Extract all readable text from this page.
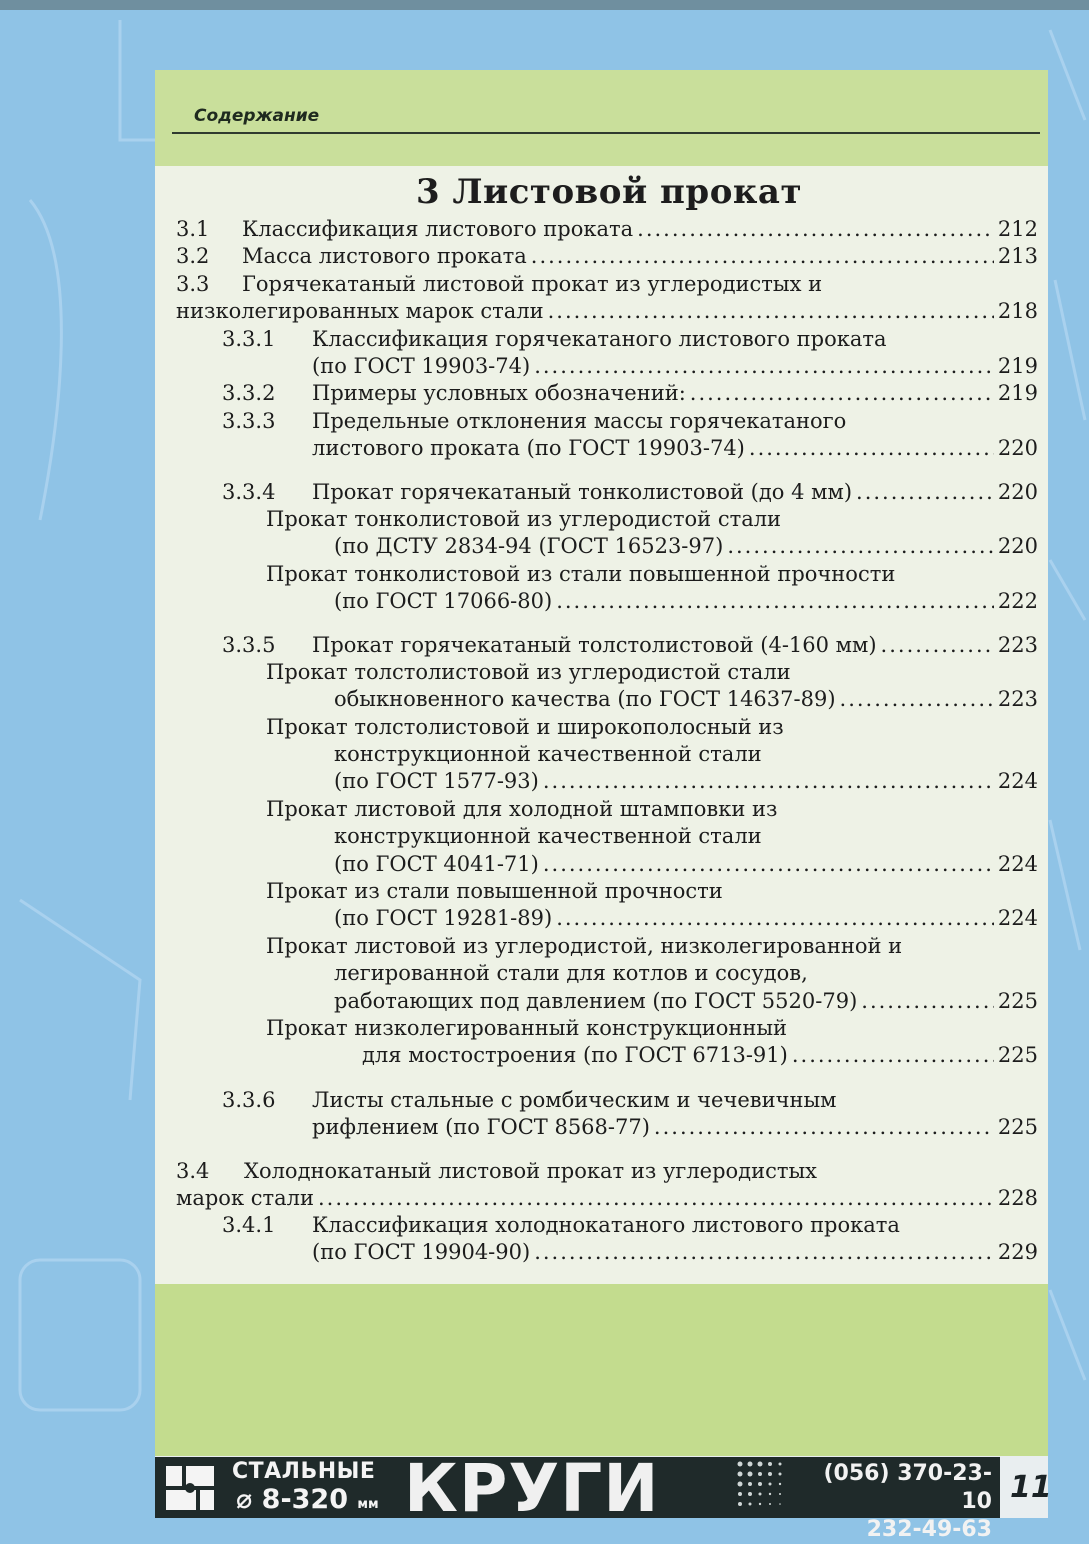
Содержание
3 Листовой прокат
3.1 Классификация листового проката .....	212
3.2 Масса листового проката .....	213
3.3 Горячекатаный листовой прокат из углеродистых и
низколегированных марок стали .....	218
3.3.1 Классификация горячекатаного листового проката
(по ГОСТ 19903-74) .....	219
3.3.2 Примеры условных обозначений: .....	219
3.3.3 Предельные отклонения массы горячекатаного
листового проката (по ГОСТ 19903-74) .....	220
3.3.4 Прокат горячекатаный тонколистовой (до 4 мм) .....	220
Прокат тонколистовой из углеродистой стали
(по ДСТУ 2834-94 (ГОСТ 16523-97) .....	220
Прокат тонколистовой из стали повышенной прочности
(по ГОСТ 17066-80) .....	222
3.3.5 Прокат горячекатаный толстолистовой (4-160 мм) .....	223
Прокат толстолистовой из углеродистой стали
обыкновенного качества (по ГОСТ 14637-89) .....	223
Прокат толстолистовой и широкополосный из
конструкционной качественной стали
(по ГОСТ 1577-93) .....	224
Прокат листовой для холодной штамповки из
конструкционной качественной стали
(по ГОСТ 4041-71) .....	224
Прокат из стали повышенной прочности
(по ГОСТ 19281-89) .....	224
Прокат листовой из углеродистой, низколегированной и
легированной стали для котлов и сосудов,
работающих под давлением (по ГОСТ 5520-79) .....	225
Прокат низколегированный конструкционный
для мостостроения (по ГОСТ 6713-91) .....	225
3.3.6 Листы стальные с ромбическим и чечевичным
рифлением (по ГОСТ 8568-77) .....	225
3.4 Холоднокатаный листовой прокат из углеродистых
марок стали .....	228
3.4.1 Классификация холоднокатаного листового проката
(по ГОСТ 19904-90) .....	229
СТАЛЬНЫЕ
⌀ 8-320 мм КРУГИ	(056) 370-23-10
232-49-63
11
